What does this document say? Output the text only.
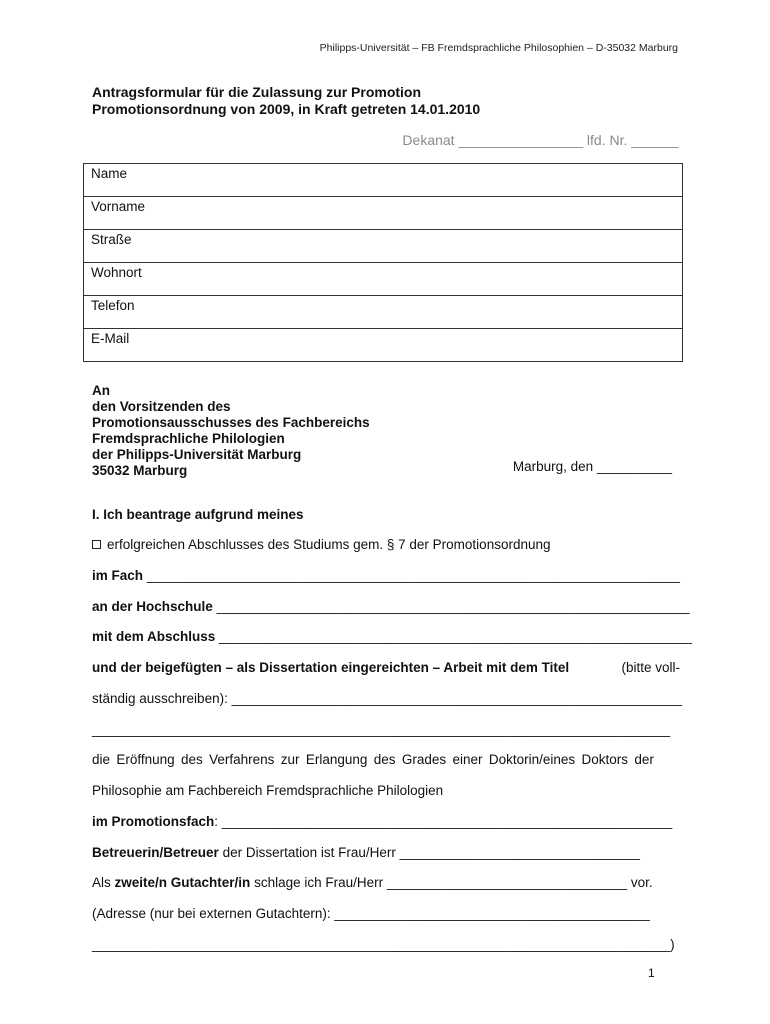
Philipps-Universität – FB Fremdsprachliche Philosophien – D-35032 Marburg
Antragsformular für die Zulassung zur Promotion
Promotionsordnung von 2009, in Kraft getreten 14.01.2010
Dekanat ________________ lfd. Nr. ______
Name
Vorname
Straße
Wohnort
Telefon
E-Mail
An
den Vorsitzenden des
Promotionsausschusses des Fachbereichs
Fremdsprachliche Philologien
der Philipps-Universität Marburg
35032 Marburg	Marburg, den __________
I. Ich beantrage aufgrund meines
erfolgreichen Abschlusses des Studiums gem. § 7 der Promotionsordnung
im Fach _______________________________________________________________________
an der Hochschule _______________________________________________________________
mit dem Abschluss _______________________________________________________________
und der beigefügten – als Dissertation eingereichten – Arbeit mit dem Titel	(bitte voll-
ständig ausschreiben): ____________________________________________________________
_____________________________________________________________________________
die Eröffnung des Verfahrens zur Erlangung des Grades einer Doktorin/eines Doktors der
Philosophie am Fachbereich Fremdsprachliche Philologien
im Promotionsfach: ____________________________________________________________
Betreuerin/Betreuer der Dissertation ist Frau/Herr ________________________________
Als zweite/n Gutachter/in schlage ich Frau/Herr ________________________________ vor.
(Adresse (nur bei externen Gutachtern): __________________________________________
_____________________________________________________________________________)
1
